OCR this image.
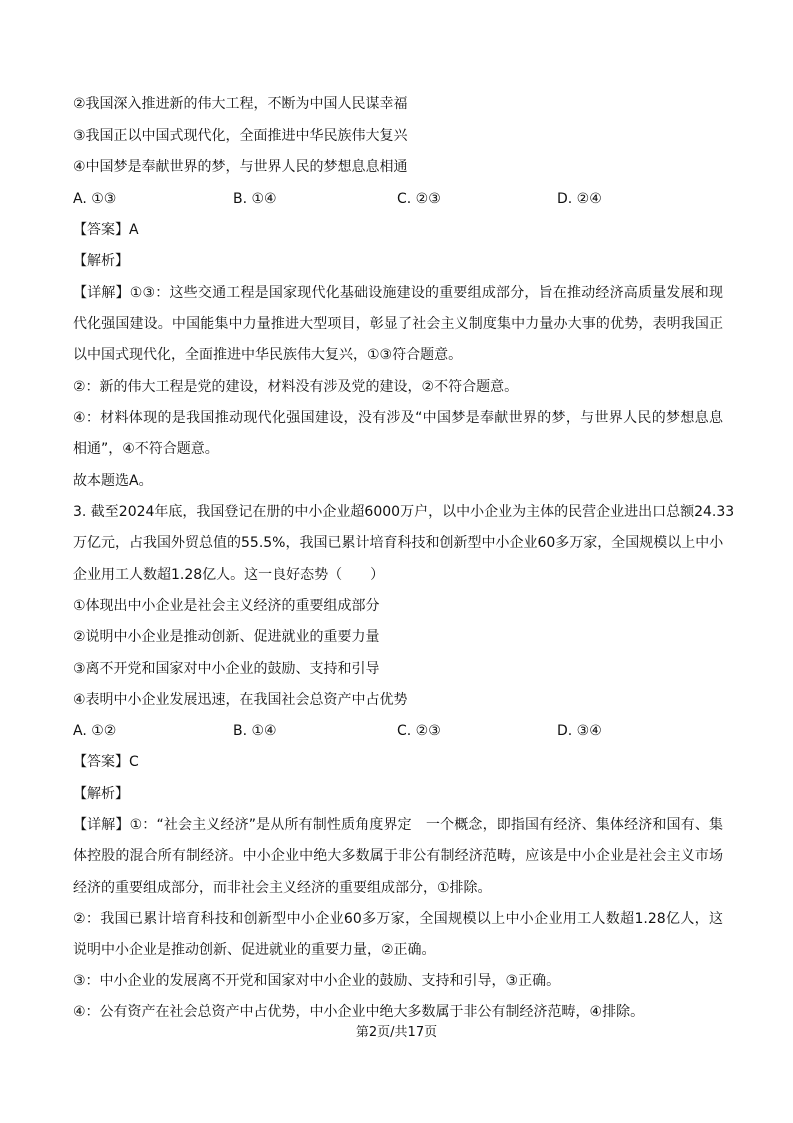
②我国深入推进新的伟大工程，不断为中国人民谋幸福
③我国正以中国式现代化，全面推进中华民族伟大复兴
④中国梦是奉献世界的梦，与世界人民的梦想息息相通
A. ①③	B. ①④	C. ②③	D. ②④
【答案】A
【解析】
【详解】①③：这些交通工程是国家现代化基础设施建设的重要组成部分，旨在推动经济高质量发展和现
代化强国建设。中国能集中力量推进大型项目，彰显了社会主义制度集中力量办大事的优势，表明我国正
以中国式现代化，全面推进中华民族伟大复兴，①③符合题意。
②：新的伟大工程是党的建设，材料没有涉及党的建设，②不符合题意。
④：材料体现的是我国推动现代化强国建设，没有涉及“中国梦是奉献世界的梦，与世界人民的梦想息息
相通”，④不符合题意。
故本题选A。
3. 截至2024年底，我国登记在册的中小企业超6000万户，以中小企业为主体的民营企业进出口总额24.33
万亿元，占我国外贸总值的55.5%，我国已累计培育科技和创新型中小企业60多万家，全国规模以上中小
企业用工人数超1.28亿人。这一良好态势（　　）
①体现出中小企业是社会主义经济的重要组成部分
②说明中小企业是推动创新、促进就业的重要力量
③离不开党和国家对中小企业的鼓励、支持和引导
④表明中小企业发展迅速，在我国社会总资产中占优势
A. ①②	B. ①④	C. ②③	D. ③④
【答案】C
【解析】
【详解】①：“社会主义经济”是从所有制性质角度界定　一个概念，即指国有经济、集体经济和国有、集
体控股的混合所有制经济。中小企业中绝大多数属于非公有制经济范畴，应该是中小企业是社会主义市场
经济的重要组成部分，而非社会主义经济的重要组成部分，①排除。
②：我国已累计培育科技和创新型中小企业60多万家，全国规模以上中小企业用工人数超1.28亿人，这
说明中小企业是推动创新、促进就业的重要力量，②正确。
③：中小企业的发展离不开党和国家对中小企业的鼓励、支持和引导，③正确。
④：公有资产在社会总资产中占优势，中小企业中绝大多数属于非公有制经济范畴，④排除。
第2页/共17页
